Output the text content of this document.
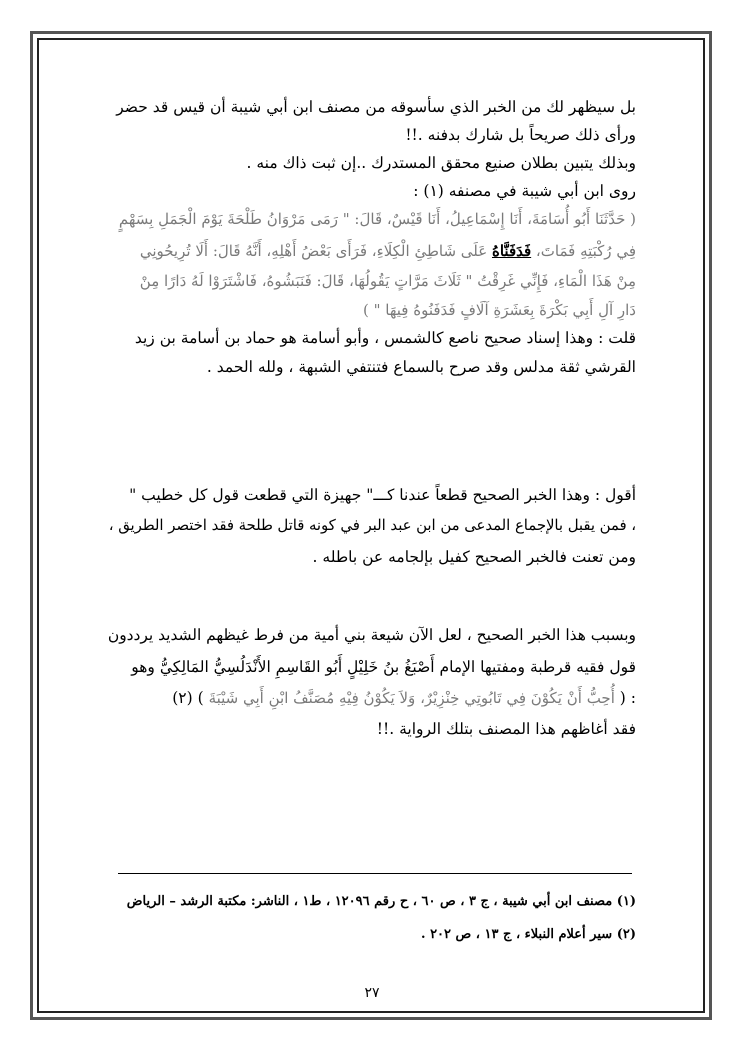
بل سيظهر لك من الخبر الذي سأسوقه من مصنف ابن أبي شيبة أن قيس قد حضر
ورأى ذلك صريحاً بل شارك بدفنه .!!
وبذلك يتبين بطلان صنيع محقق المستدرك ..إن ثبت ذاك منه .
روى ابن أبي شيبة في مصنفه (١) :
( حَدَّثَنَا أَبُو أُسَامَةَ، أَنَا إِسْمَاعِيلُ، أَنَا قَيْسٌ، قَالَ: " رَمَى مَرْوَانُ طَلْحَةَ يَوْمَ الْجَمَلِ بِسَهْمٍ
فِي رُكْبَتِهِ فَمَاتَ، فَدَفَنَّاهُ عَلَى شَاطِئِ الْكِلَاءِ، فَرَأَى بَعْضُ أَهْلِهِ، أَنَّهُ قَالَ: أَلَا تُرِيحُونِي
مِنْ هَذَا الْمَاءِ، فَإِنِّي غَرِقْتُ " ثَلَاثَ مَرَّاتٍ يَقُولُهَا، قَالَ: فَنَبَشُوهُ، فَاشْتَرَوْا لَهُ دَارًا مِنْ
دَارِ آلِ أَبِي بَكْرَةَ بِعَشَرَةِ آلَافٍ فَدَفَنُوهُ فِيهَا " )
قلت : وهذا إسناد صحيح ناصع كالشمس ، وأبو أسامة هو حماد بن أسامة بن زيد
القرشي ثقة مدلس وقد صرح بالسماع فتنتفي الشبهة ، ولله الحمد .
أقول : وهذا الخبر الصحيح قطعاً عندنا كـــ" جهيزة التي قطعت قول كل خطيب "
، فمن يقبل بالإجماع المدعى من ابن عبد البر في كونه قاتل طلحة فقد اختصر الطريق ،
ومن تعنت فالخبر الصحيح كفيل بإلجامه عن باطله .
وبسبب هذا الخبر الصحيح ، لعل الآن شيعة بني أمية من فرط غيظهم الشديد يرددون
قول فقيه قرطبة ومفتيها الإمام أَصْبَغُ بنُ خَلِيْلٍ أَبُو القَاسِمِ الأَنْدَلُسِيُّ المَالِكِيُّ وهو
: ( أُحِبُّ أَنْ يَكُوْنَ فِي تَابُوتِي خِنْزِيْرٌ، وَلاَ يَكُوْنُ فِيْهِ مُصَنَّفُ ابْنِ أَبِي شَيْبَةَ ) (٢)
فقد أغاظهم هذا المصنف بتلك الرواية .!!
(١) مصنف ابن أبي شيبة ، ج ٣ ، ص ٦٠ ، ح رقم ١٢٠٩٦ ، ط١ ، الناشر: مكتبة الرشد – الرياض
(٢) سير أعلام النبلاء ، ج ١٣ ، ص ٢٠٢ .
٢٧
